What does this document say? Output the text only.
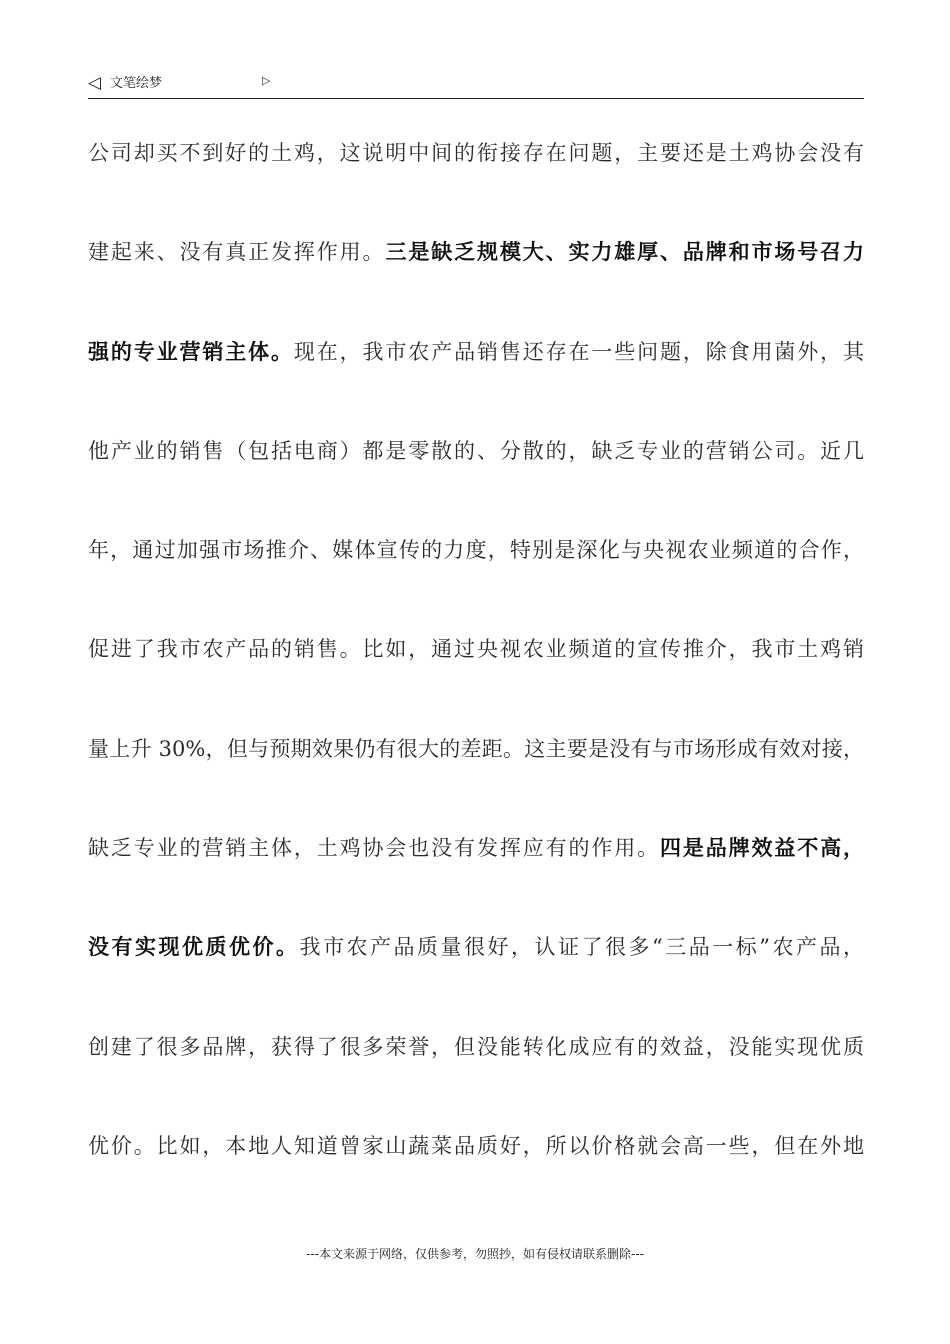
◁ 文笔绘梦	▷
公司却买不到好的土鸡，这说明中间的衔接存在问题，主要还是土鸡协会没有
建起来、没有真正发挥作用。三是缺乏规模大、实力雄厚、品牌和市场号召力
强的专业营销主体。现在，我市农产品销售还存在一些问题，除食用菌外，其
他产业的销售（包括电商）都是零散的、分散的，缺乏专业的营销公司。近几
年，通过加强市场推介、媒体宣传的力度，特别是深化与央视农业频道的合作，
促进了我市农产品的销售。比如，通过央视农业频道的宣传推介，我市土鸡销
量上升 30%，但与预期效果仍有很大的差距。这主要是没有与市场形成有效对接，
缺乏专业的营销主体，土鸡协会也没有发挥应有的作用。四是品牌效益不高，
没有实现优质优价。我市农产品质量很好，认证了很多“三品一标”农产品，
创建了很多品牌，获得了很多荣誉，但没能转化成应有的效益，没能实现优质
优价。比如，本地人知道曾家山蔬菜品质好，所以价格就会高一些，但在外地
---本文来源于网络，仅供参考，勿照抄，如有侵权请联系删除---
